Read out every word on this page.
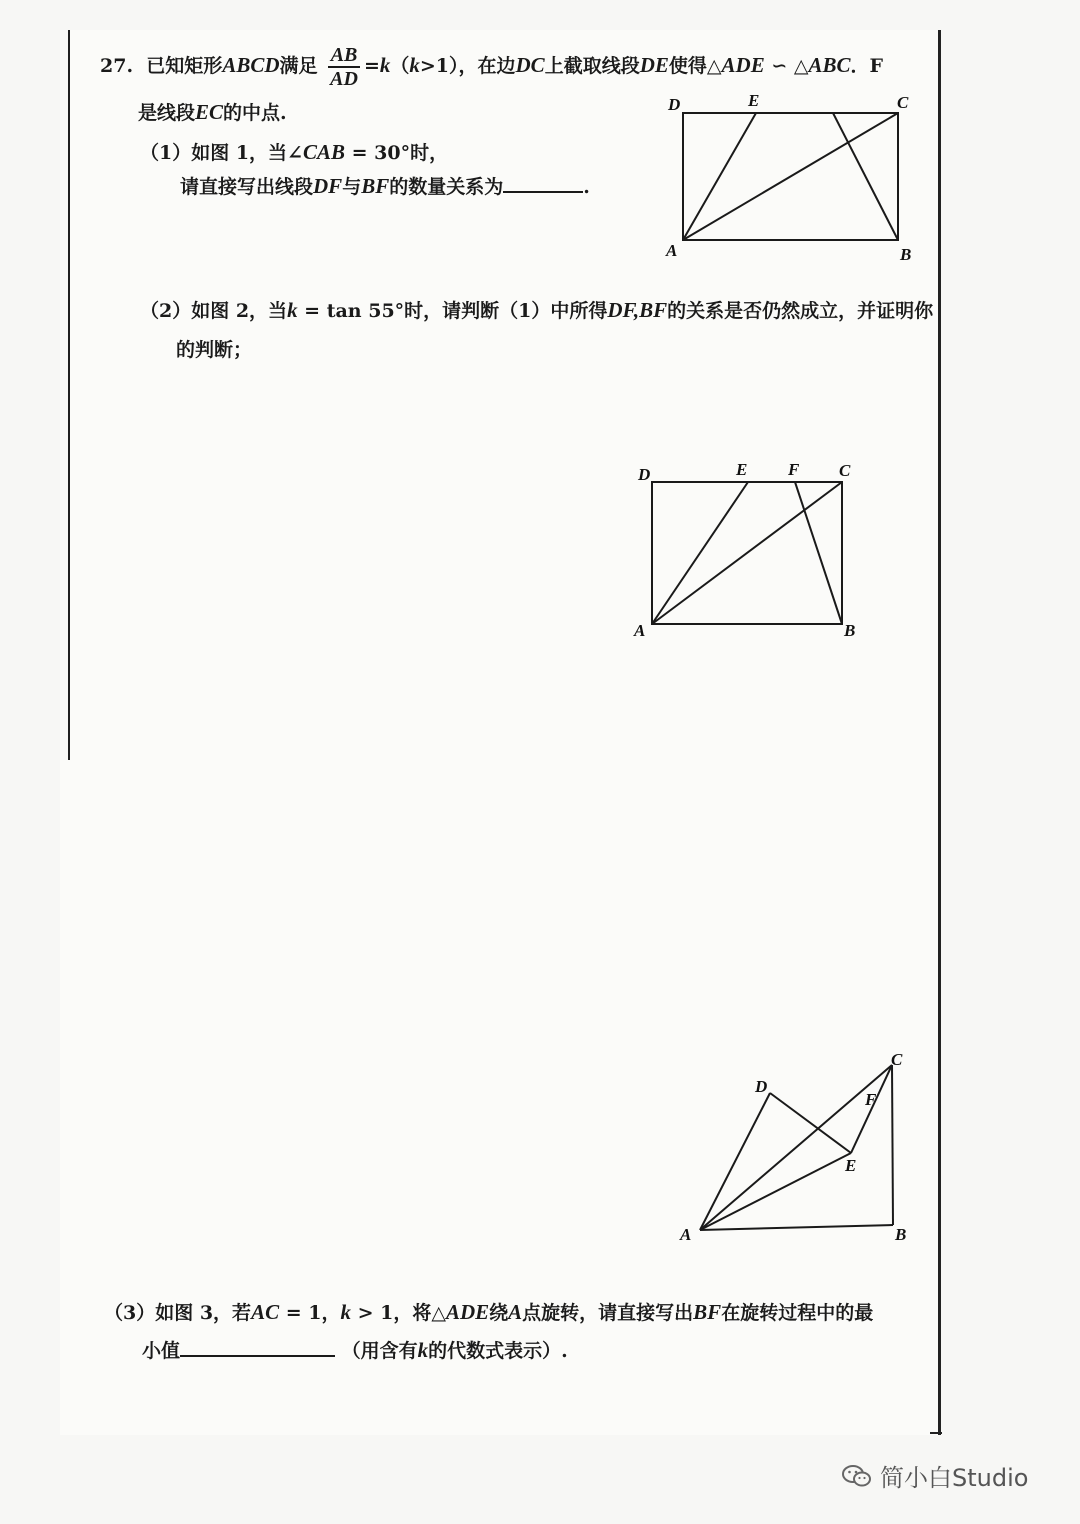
27. 已知矩形ABCD满足 $\frac{AB}{AD} =k(k>1)$，在边DC上截取线段DE使得△ADE ∽ △ABC．F
是线段EC的中点.
（1）如图 1，当∠CAB = 30°时，
请直接写出线段DF与BF的数量关系为	.
D	E	C
A	B
（2）如图 2，当k = tan 55°时，请判断（1）中所得DF,BF的关系是否仍然成立，并证明你
的判断；
D	E F C
A	B
D
C
F
E
A	B
（3）如图 3，若AC = 1，k > 1，将△ADE绕A点旋转，请直接写出BF在旋转过程中的最
小值	（用含有k的代数式表示）.
简小白Studio
